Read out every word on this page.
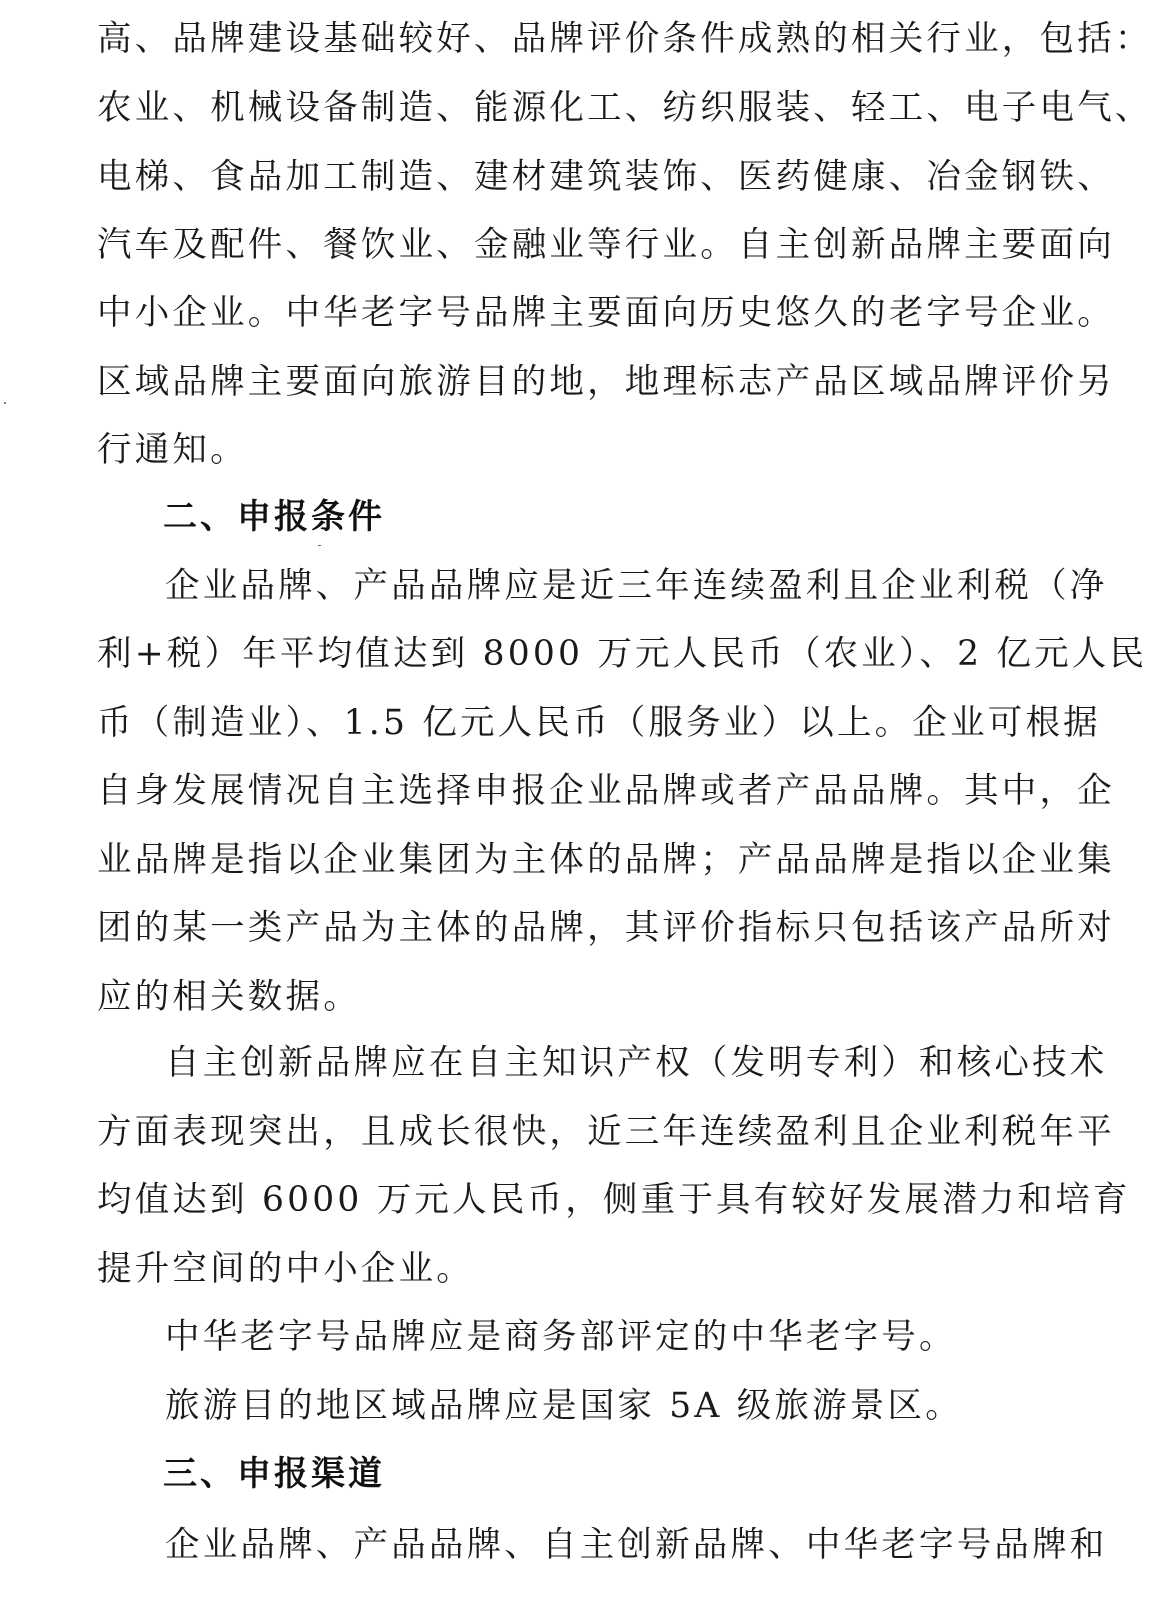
高、品牌建设基础较好、品牌评价条件成熟的相关行业，包括：
农业、机械设备制造、能源化工、纺织服装、轻工、电子电气、
电梯、食品加工制造、建材建筑装饰、医药健康、冶金钢铁、
汽车及配件、餐饮业、金融业等行业。自主创新品牌主要面向
中小企业。中华老字号品牌主要面向历史悠久的老字号企业。
区域品牌主要面向旅游目的地，地理标志产品区域品牌评价另
行通知。
二、申报条件
企业品牌、产品品牌应是近三年连续盈利且企业利税（净
利+税）年平均值达到 8000 万元人民币（农业）、2 亿元人民
币（制造业）、1.5 亿元人民币（服务业）以上。企业可根据
自身发展情况自主选择申报企业品牌或者产品品牌。其中，企
业品牌是指以企业集团为主体的品牌；产品品牌是指以企业集
团的某一类产品为主体的品牌，其评价指标只包括该产品所对
应的相关数据。
自主创新品牌应在自主知识产权（发明专利）和核心技术
方面表现突出，且成长很快，近三年连续盈利且企业利税年平
均值达到 6000 万元人民币，侧重于具有较好发展潜力和培育
提升空间的中小企业。
中华老字号品牌应是商务部评定的中华老字号。
旅游目的地区域品牌应是国家 5A 级旅游景区。
三、申报渠道
企业品牌、产品品牌、自主创新品牌、中华老字号品牌和
